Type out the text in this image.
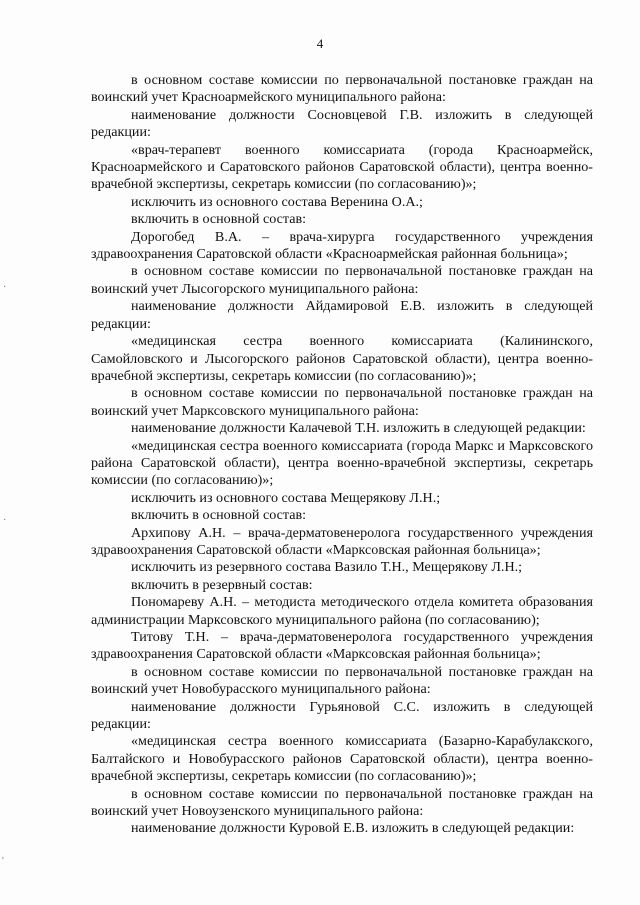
4

в основном составе комиссии по первоначальной постановке граждан на воинский учет Красноармейского муниципального района:

наименование должности Сосновцевой Г.В. изложить в следующей редакции:

«врач-терапевт военного комиссариата (города Красноармейск, Красноармейского и Саратовского районов Саратовской области), центра военно-врачебной экспертизы, секретарь комиссии (по согласованию)»;

исключить из основного состава Веренина О.А.;

включить в основной состав:

Дорогобед В.А. – врача-хирурга государственного учреждения здравоохранения Саратовской области «Красноармейская районная больница»;

в основном составе комиссии по первоначальной постановке граждан на воинский учет Лысогорского муниципального района:

наименование должности Айдамировой Е.В. изложить в следующей редакции:

«медицинская сестра военного комиссариата (Калининского, Самойловского и Лысогорского районов Саратовской области), центра военно-врачебной экспертизы, секретарь комиссии (по согласованию)»;

в основном составе комиссии по первоначальной постановке граждан на воинский учет Марксовского муниципального района:

наименование должности Калачевой Т.Н. изложить в следующей редакции:

«медицинская сестра военного комиссариата (города Маркс и Марксовского района Саратовской области), центра военно-врачебной экспертизы, секретарь комиссии (по согласованию)»;

исключить из основного состава Мещерякову Л.Н.;

включить в основной состав:

Архипову А.Н. – врача-дерматовенеролога государственного учреждения здравоохранения Саратовской области «Марксовская районная больница»;

исключить из резервного состава Вазило Т.Н., Мещерякову Л.Н.;

включить в резервный состав:

Пономареву А.Н. – методиста методического отдела комитета образования администрации Марксовского муниципального района (по согласованию);

Титову Т.Н. – врача-дерматовенеролога государственного учреждения здравоохранения Саратовской области «Марксовская районная больница»;

в основном составе комиссии по первоначальной постановке граждан на воинский учет Новобурасского муниципального района:

наименование должности Гурьяновой С.С. изложить в следующей редакции:

«медицинская сестра военного комиссариата (Базарно-Карабулакского, Балтайского и Новобурасского районов Саратовской области), центра военно-врачебной экспертизы, секретарь комиссии (по согласованию)»;

в основном составе комиссии по первоначальной постановке граждан на воинский учет Новоузенского муниципального района:

наименование должности Куровой Е.В. изложить в следующей редакции:

·
·
'
